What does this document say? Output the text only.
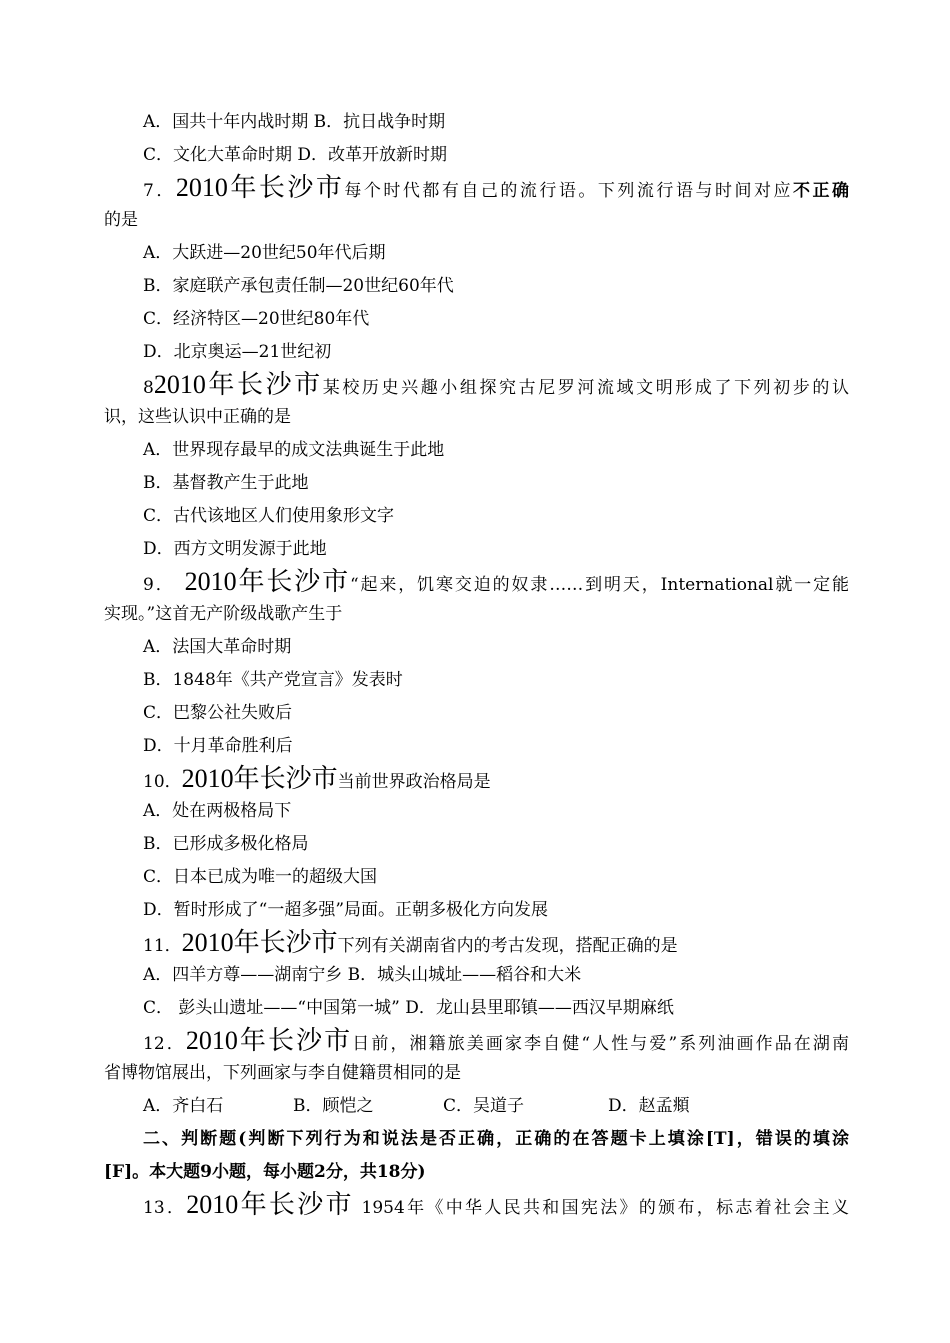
A．国共十年内战时期 B．抗日战争时期
C．文化大革命时期 D．改革开放新时期
7．2010年长沙市每个时代都有自己的流行语。下列流行语与时间对应不正确
的是
A．大跃进—20世纪50年代后期
B．家庭联产承包责任制—20世纪60年代
C．经济特区—20世纪80年代
D．北京奥运—21世纪初
82010年长沙市某校历史兴趣小组探究古尼罗河流域文明形成了下列初步的认
识，这些认识中正确的是
A．世界现存最早的成文法典诞生于此地
B．基督教产生于此地
C．古代该地区人们使用象形文字
D．西方文明发源于此地
9． 2010年长沙市“起来，饥寒交迫的奴隶……到明天，International就一定能
实现。”这首无产阶级战歌产生于
A．法国大革命时期
B．1848年《共产党宣言》发表时
C．巴黎公社失败后
D．十月革命胜利后
10．2010年长沙市当前世界政治格局是
A．处在两极格局下
B．已形成多极化格局
C．日本已成为唯一的超级大国
D．暂时形成了“一超多强”局面。正朝多极化方向发展
11．2010年长沙市下列有关湖南省内的考古发现，搭配正确的是
A．四羊方尊——湖南宁乡 B．城头山城址——稻谷和大米
C． 彭头山遗址——“中国第一城” D．龙山县里耶镇——西汉早期麻纸
12．2010年长沙市日前，湘籍旅美画家李自健“人性与爱”系列油画作品在湖南
省博物馆展出，下列画家与李自健籍贯相同的是
A．齐白石	B．顾恺之	C．吴道子	D．赵孟頫
二、判断题(判断下列行为和说法是否正确，正确的在答题卡上填涂[T]，错误的填涂
[F]。本大题9小题，每小题2分，共18分)
13．2010年长沙市 1954年《中华人民共和国宪法》的颁布，标志着社会主义
